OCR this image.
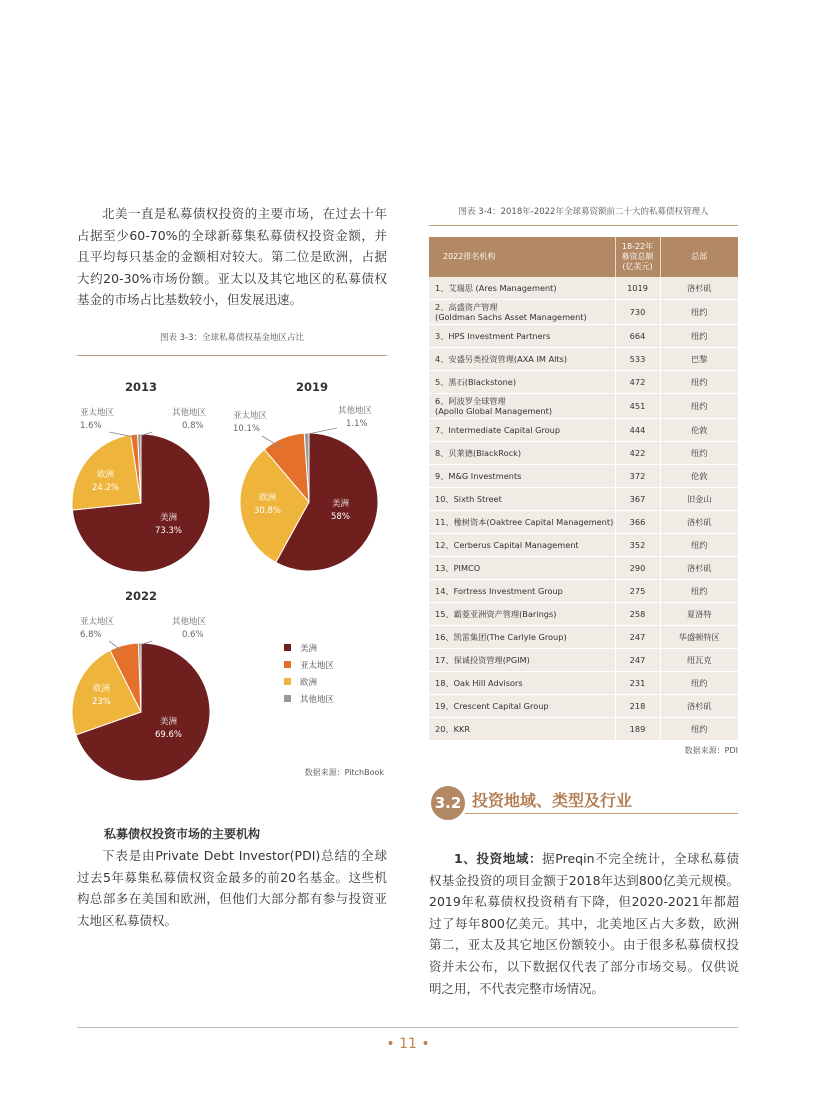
北美一直是私募债权投资的主要市场，在过去十年占据至少60-70%的全球新募集私募债权投资金额，并且平均每只基金的金额相对较大。第二位是欧洲，占据大约20-30%市场份额。亚太以及其它地区的私募债权基金的市场占比基数较小，但发展迅速。
图表 3-3：全球私募债权基金地区占比
2013	2019
2022
亚太地区
1.6%
其他地区
0.8%
欧洲
24.2%
美洲
73.3%
亚太地区
10.1%
其他地区
1.1%
欧洲
30.8%
美洲
58%
亚太地区
6.8%
其他地区
0.6%
欧洲
23%
美洲
69.6%
美洲
亚太地区
欧洲
其他地区
数据来源：PitchBook
私募债权投资市场的主要机构
下表是由Private Debt Investor(PDI)总结的全球过去5年募集私募债权资金最多的前20名基金。这些机构总部多在美国和欧洲，但他们大部分都有参与投资亚太地区私募债权。
图表 3-4：2018年-2022年全球募资额前二十大的私募债权管理人
2022排名机构	18-22年
募资总额
(亿美元)	总部

1、艾瑞思 (Ares Management)	1019	洛杉矶

2、高盛资产管理
(Goldman Sachs Asset Management)	730	纽约

3、HPS Investment Partners	664	纽约

4、安盛另类投资管理(AXA IM Alts)	533	巴黎

5、黑石(Blackstone)	472	纽约

6、阿波罗全球管理
(Apollo Global Management)	451	纽约

7、Intermediate Capital Group	444	伦敦

8、贝莱德(BlackRock)	422	纽约

9、M&G Investments	372	伦敦

10、Sixth Street	367	旧金山

11、橡树资本(Oaktree Capital Management)	366	洛杉矶

12、Cerberus Capital Management	352	纽约

13、PIMCO	290	洛杉矶

14、Fortress Investment Group	275	纽约

15、霸菱亚洲资产管理(Barings)	258	夏洛特

16、凯雷集团(The Carlyle Group)	247	华盛顿特区

17、保诚投资管理(PGIM)	247	纽瓦克

18、Oak Hill Advisors	231	纽约

19、Crescent Capital Group	218	洛杉矶

20、KKR	189	纽约
数据来源：PDI
3.2 投资地域、类型及行业
1、投资地域：据Preqin不完全统计，全球私募债权基金投资的项目金额于2018年达到800亿美元规模。2019年私募债权投资稍有下降，但2020-2021年都超过了每年800亿美元。其中，北美地区占大多数，欧洲第二，亚太及其它地区份额较小。由于很多私募债权投资并未公布，以下数据仅代表了部分市场交易。仅供说明之用，不代表完整市场情况。
• 11 •
